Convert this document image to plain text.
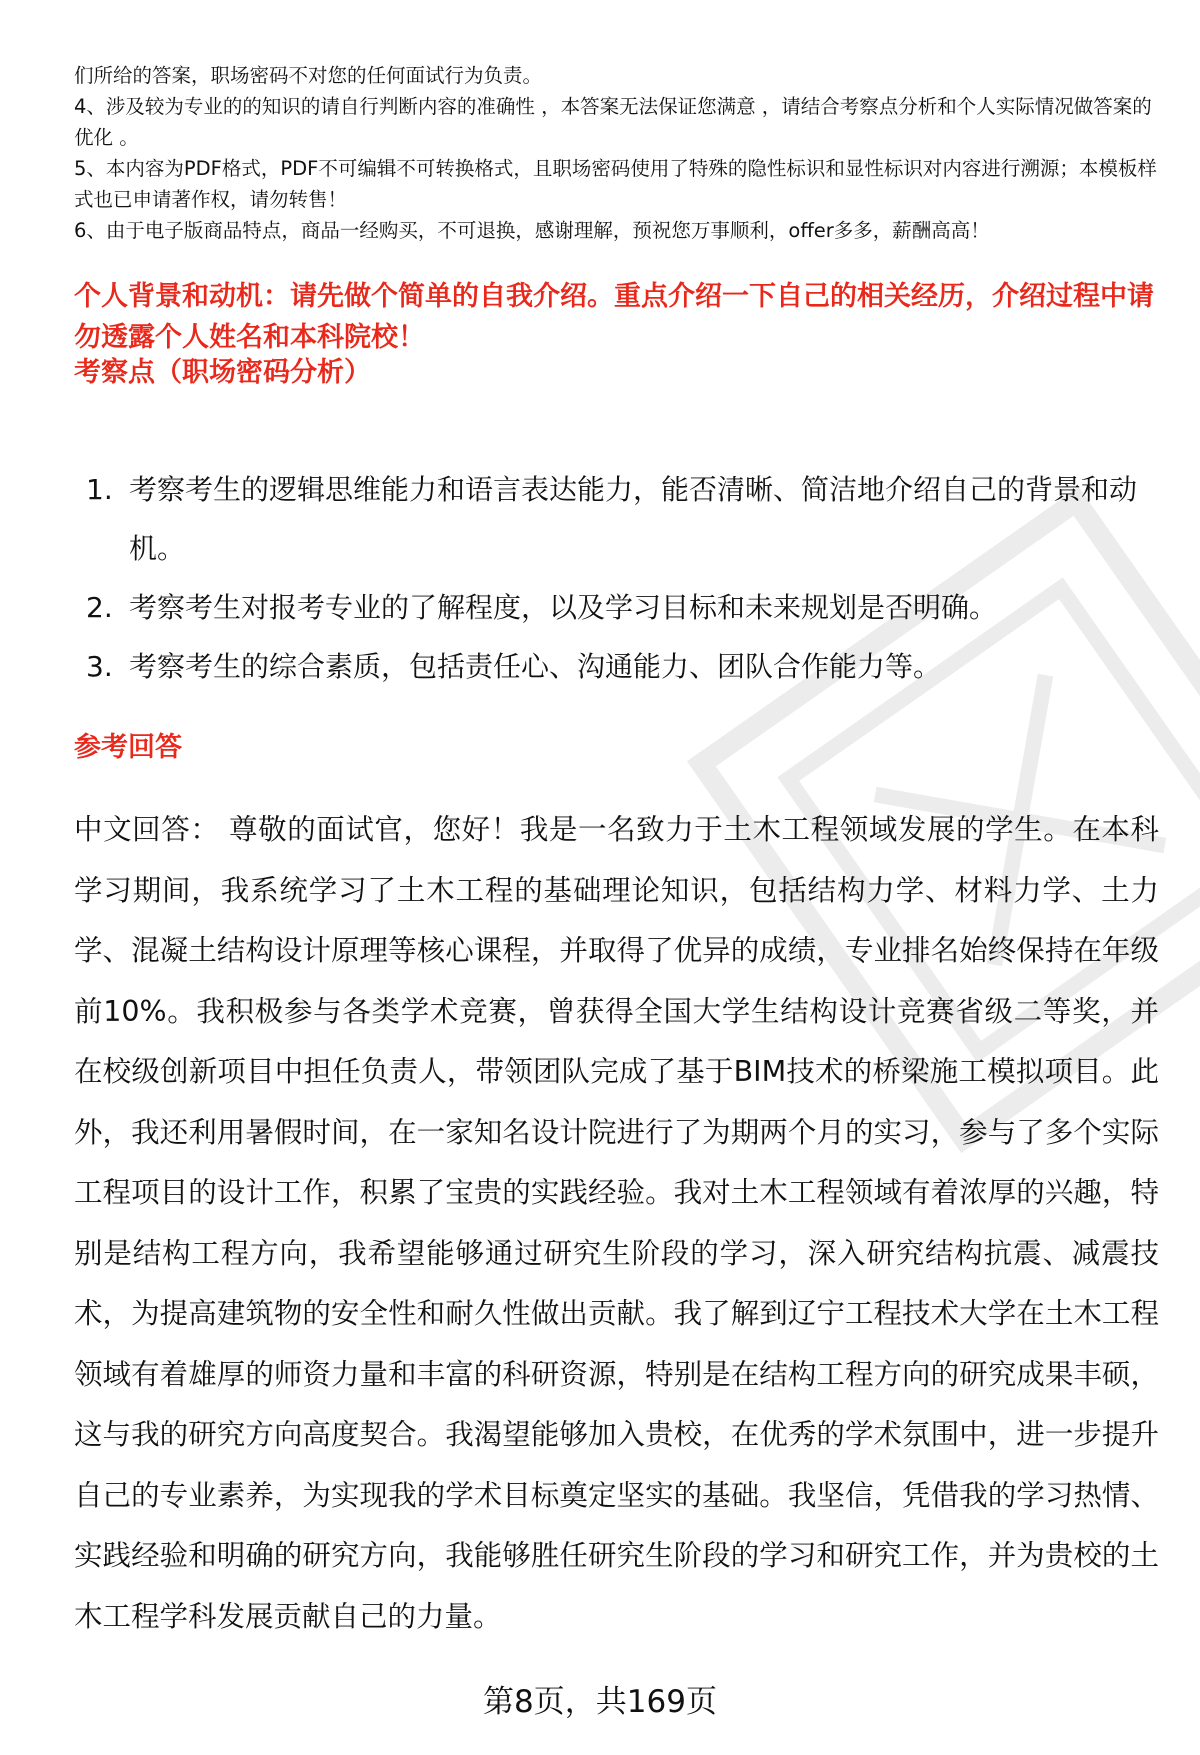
们所给的答案，职场密码不对您的任何面试行为负责。

4、涉及较为专业的的知识的请自行判断内容的准确性 ，本答案无法保证您满意 ，请结合考察点分析和个人实际情况做答案的优化 。

5、本内容为PDF格式，PDF不可编辑不可转换格式，且职场密码使用了特殊的隐性标识和显性标识对内容进行溯源；本模板样式也已申请著作权，请勿转售！

6、由于电子版商品特点，商品一经购买，不可退换，感谢理解，预祝您万事顺利，offer多多，薪酬高高！

个人背景和动机：请先做个简单的自我介绍。重点介绍一下自己的相关经历，介绍过程中请勿透露个人姓名和本科院校！
考察点（职场密码分析）
1. 考察考生的逻辑思维能力和语言表达能力，能否清晰、简洁地介绍自己的背景和动机。
2. 考察考生对报考专业的了解程度，以及学习目标和未来规划是否明确。
3. 考察考生的综合素质，包括责任心、沟通能力、团队合作能力等。
参考回答

中文回答： 尊敬的面试官，您好！我是一名致力于土木工程领域发展的学生。在本科学习期间，我系统学习了土木工程的基础理论知识，包括结构力学、材料力学、土力学、混凝土结构设计原理等核心课程，并取得了优异的成绩，专业排名始终保持在年级前10%。我积极参与各类学术竞赛，曾获得全国大学生结构设计竞赛省级二等奖，并在校级创新项目中担任负责人，带领团队完成了基于BIM技术的桥梁施工模拟项目。此外，我还利用暑假时间，在一家知名设计院进行了为期两个月的实习，参与了多个实际工程项目的设计工作，积累了宝贵的实践经验。我对土木工程领域有着浓厚的兴趣，特别是结构工程方向，我希望能够通过研究生阶段的学习，深入研究结构抗震、减震技术，为提高建筑物的安全性和耐久性做出贡献。我了解到辽宁工程技术大学在土木工程领域有着雄厚的师资力量和丰富的科研资源，特别是在结构工程方向的研究成果丰硕，这与我的研究方向高度契合。我渴望能够加入贵校，在优秀的学术氛围中，进一步提升自己的专业素养，为实现我的学术目标奠定坚实的基础。我坚信，凭借我的学习热情、实践经验和明确的研究方向，我能够胜任研究生阶段的学习和研究工作，并为贵校的土木工程学科发展贡献自己的力量。

第8页，共169页
